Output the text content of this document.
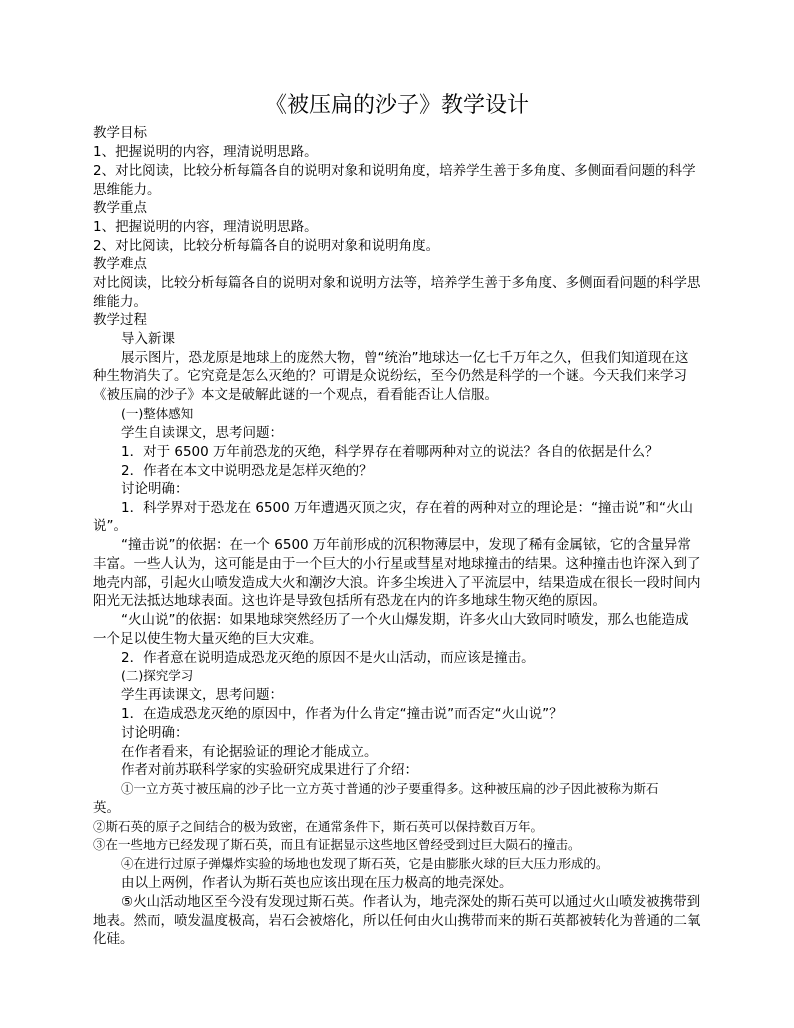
《被压扁的沙子》教学设计
教学目标
1、把握说明的内容，理清说明思路。
2、对比阅读，比较分析每篇各自的说明对象和说明角度，培养学生善于多角度、多侧面看问题的科学
思维能力。
教学重点
1、把握说明的内容，理清说明思路。
2、对比阅读，比较分析每篇各自的说明对象和说明角度。
教学难点
对比阅读，比较分析每篇各自的说明对象和说明方法等，培养学生善于多角度、多侧面看问题的科学思
维能力。
教学过程
导入新课
展示图片，恐龙原是地球上的庞然大物，曾“统治”地球达一亿七千万年之久，但我们知道现在这
种生物消失了。它究竟是怎么灭绝的？可谓是众说纷纭，至今仍然是科学的一个谜。今天我们来学习
《被压扁的沙子》本文是破解此谜的一个观点，看看能否让人信服。
(一)整体感知
学生自读课文，思考问题：
1．对于 6500 万年前恐龙的灭绝，科学界存在着哪两种对立的说法？各自的依据是什么？
2．作者在本文中说明恐龙是怎样灭绝的？
讨论明确：
1．科学界对于恐龙在 6500 万年遭遇灭顶之灾，存在着的两种对立的理论是：“撞击说”和“火山
说”。
“撞击说”的依据：在一个 6500 万年前形成的沉积物薄层中，发现了稀有金属铱，它的含量异常
丰富。一些人认为，这可能是由于一个巨大的小行星或彗星对地球撞击的结果。这种撞击也许深入到了
地壳内部，引起火山喷发造成大火和潮汐大浪。许多尘埃进入了平流层中，结果造成在很长一段时间内
阳光无法抵达地球表面。这也许是导致包括所有恐龙在内的许多地球生物灭绝的原因。
“火山说”的依据：如果地球突然经历了一个火山爆发期，许多火山大致同时喷发，那么也能造成
一个足以使生物大量灭绝的巨大灾难。
2．作者意在说明造成恐龙灭绝的原因不是火山活动，而应该是撞击。
(二)探究学习
学生再读课文，思考问题：
1．在造成恐龙灭绝的原因中，作者为什么肯定“撞击说”而否定“火山说”？
讨论明确：
在作者看来，有论据验证的理论才能成立。
作者对前苏联科学家的实验研究成果进行了介绍：
①一立方英寸被压扁的沙子比一立方英寸普通的沙子要重得多。这种被压扁的沙子因此被称为斯石
英。
②斯石英的原子之间结合的极为致密，在通常条件下，斯石英可以保持数百万年。
③在一些地方已经发现了斯石英，而且有证据显示这些地区曾经受到过巨大陨石的撞击。
④在进行过原子弹爆炸实验的场地也发现了斯石英，它是由膨胀火球的巨大压力形成的。
由以上两例，作者认为斯石英也应该出现在压力极高的地壳深处。
⑤火山活动地区至今没有发现过斯石英。作者认为，地壳深处的斯石英可以通过火山喷发被携带到
地表。然而，喷发温度极高，岩石会被熔化，所以任何由火山携带而来的斯石英都被转化为普通的二氧
化硅。
